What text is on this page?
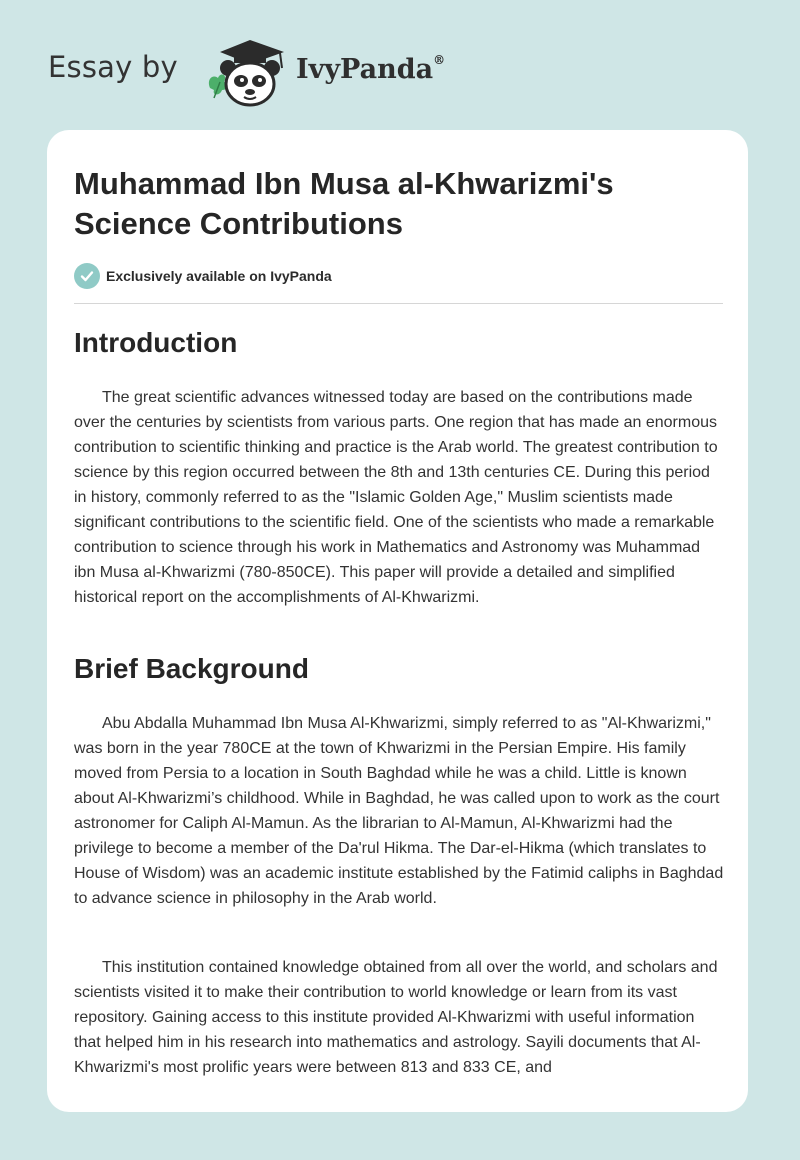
Essay by	IvyPanda®
Muhammad Ibn Musa al-Khwarizmi's Science Contributions
Exclusively available on IvyPanda
Introduction

The great scientific advances witnessed today are based on the contributions made over the centuries by scientists from various parts. One region that has made an enormous contribution to scientific thinking and practice is the Arab world. The greatest contribution to science by this region occurred between the 8th and 13th centuries CE. During this period in history, commonly referred to as the "Islamic Golden Age," Muslim scientists made significant contributions to the scientific field. One of the scientists who made a remarkable contribution to science through his work in Mathematics and Astronomy was Muhammad ibn Musa al-Khwarizmi (780-850CE). This paper will provide a detailed and simplified historical report on the accomplishments of Al-Khwarizmi.

Brief Background

Abu Abdalla Muhammad Ibn Musa Al-Khwarizmi, simply referred to as "Al-Khwarizmi," was born in the year 780CE at the town of Khwarizmi in the Persian Empire. His family moved from Persia to a location in South Baghdad while he was a child. Little is known about Al-Khwarizmi’s childhood. While in Baghdad, he was called upon to work as the court astronomer for Caliph Al-Mamun. As the librarian to Al-Mamun, Al-Khwarizmi had the privilege to become a member of the Da'rul Hikma. The Dar-el-Hikma (which translates to House of Wisdom) was an academic institute established by the Fatimid caliphs in Baghdad to advance science in philosophy in the Arab world.

This institution contained knowledge obtained from all over the world, and scholars and scientists visited it to make their contribution to world knowledge or learn from its vast repository. Gaining access to this institute provided Al-Khwarizmi with useful information that helped him in his research into mathematics and astrology. Sayili documents that Al-Khwarizmi's most prolific years were between 813 and 833 CE, and
